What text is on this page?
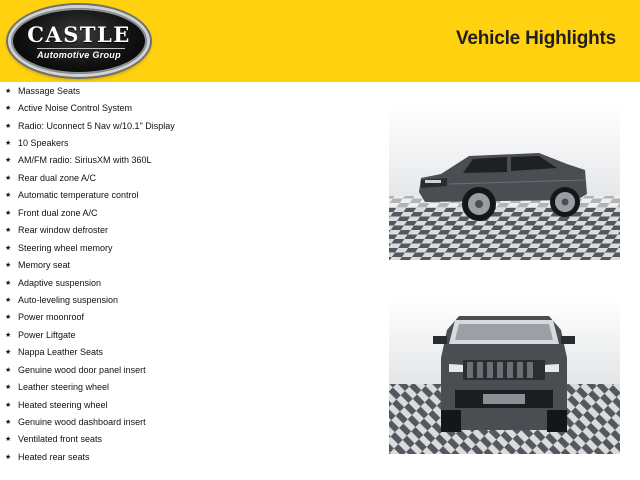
CASTLE
Automotive Group
Vehicle Highlights
★ Massage Seats
★ Active Noise Control System
★ Radio: Uconnect 5 Nav w/10.1" Display
★ 10 Speakers
★ AM/FM radio: SiriusXM with 360L
★ Rear dual zone A/C
★ Automatic temperature control
★ Front dual zone A/C
★ Rear window defroster
★ Steering wheel memory
★ Memory seat
★ Adaptive suspension
★ Auto-leveling suspension
★ Power moonroof
★ Power Liftgate
★ Nappa Leather Seats
★ Genuine wood door panel insert
★ Leather steering wheel
★ Heated steering wheel
★ Genuine wood dashboard insert
★ Ventilated front seats
★ Heated rear seats
